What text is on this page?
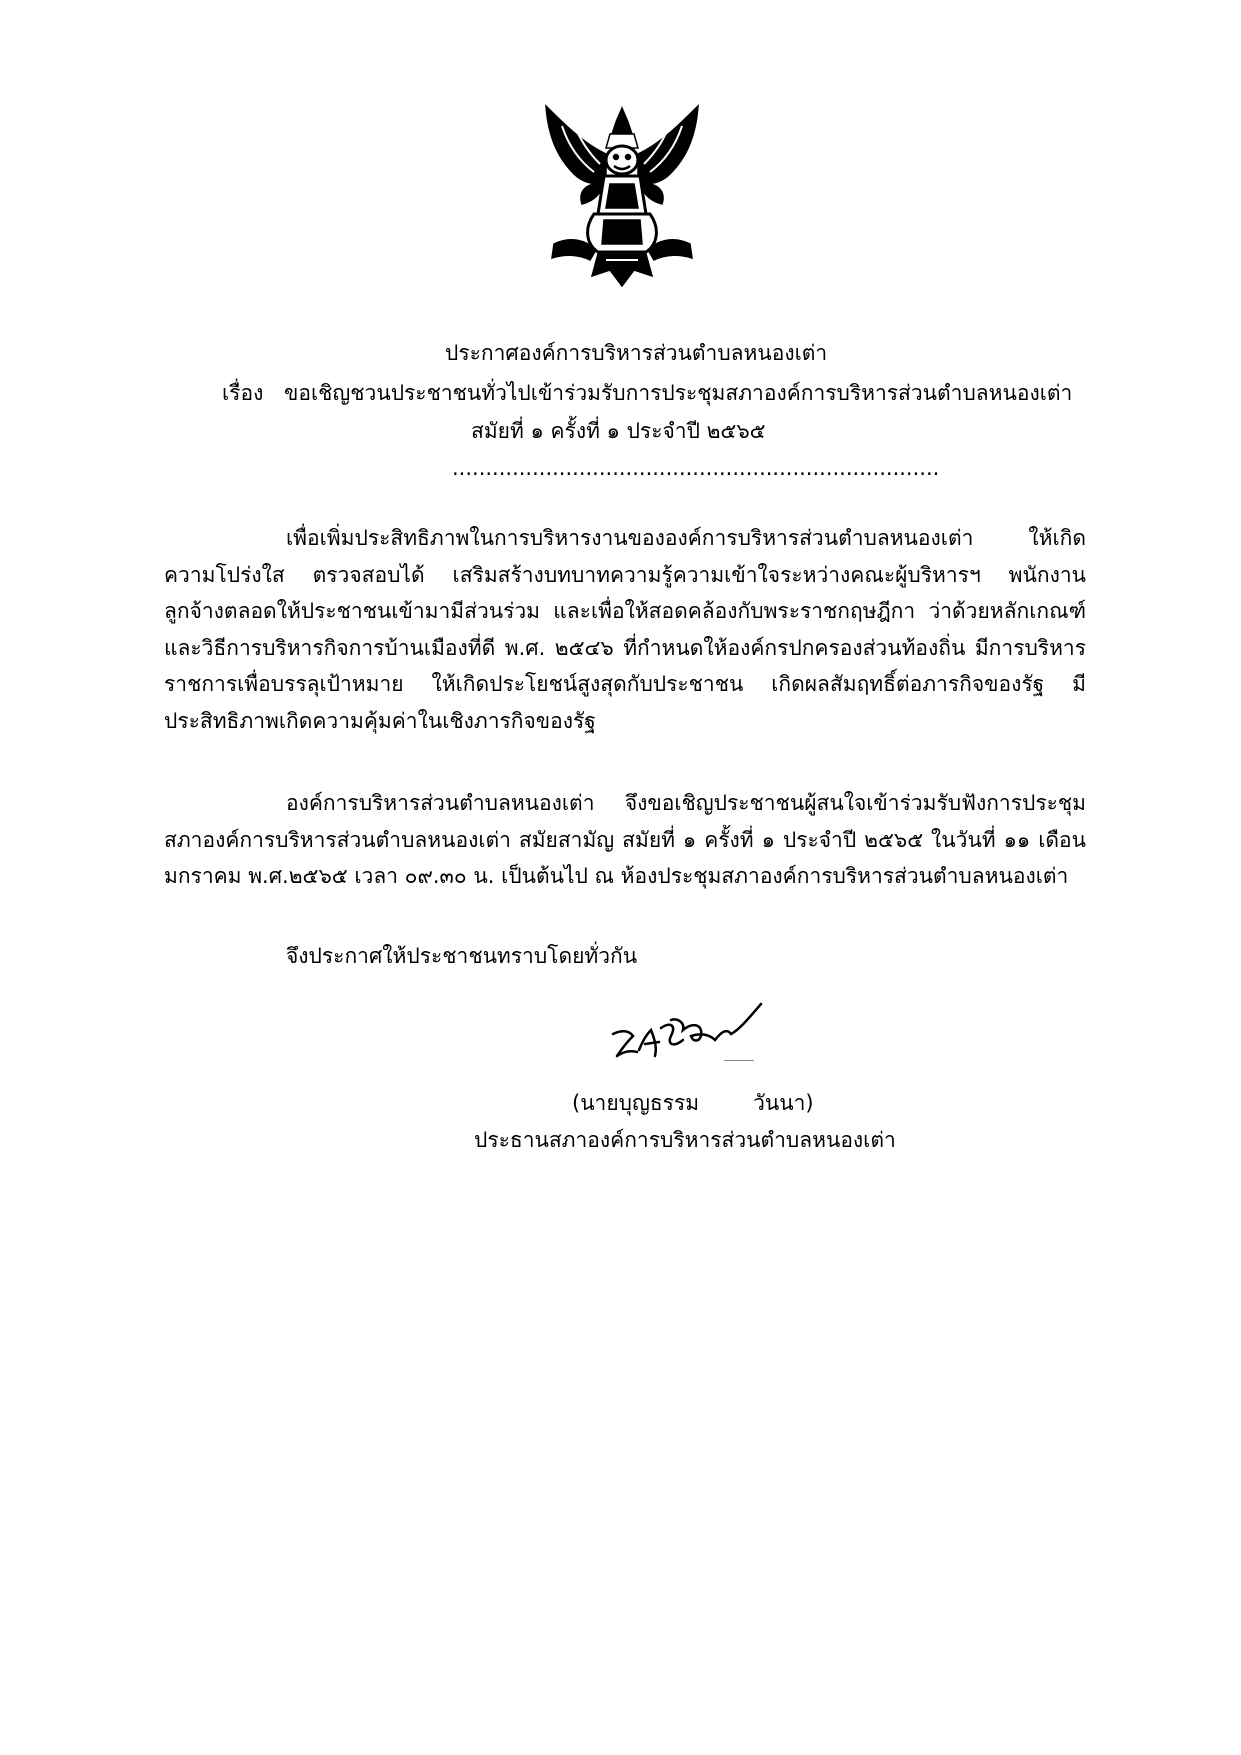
ประกาศองค์การบริหารส่วนตำบลหนองเต่า
เรื่อง ขอเชิญชวนประชาชนทั่วไปเข้าร่วมรับการประชุมสภาองค์การบริหารส่วนตำบลหนองเต่า
สมัยที่ ๑ ครั้งที่ ๑ ประจำปี ๒๕๖๕
.........................................................................

เพื่อเพิ่มประสิทธิภาพในการบริหารงานขององค์การบริหารส่วนตำบลหนองเต่า ให้เกิดความโปร่งใส ตรวจสอบได้ เสริมสร้างบทบาทความรู้ความเข้าใจระหว่างคณะผู้บริหารฯ พนักงาน ลูกจ้างตลอดให้ประชาชนเข้ามามีส่วนร่วม และเพื่อให้สอดคล้องกับพระราชกฤษฎีกา ว่าด้วยหลักเกณฑ์และวิธีการบริหารกิจการบ้านเมืองที่ดี พ.ศ. ๒๕๔๖ ที่กำหนดให้องค์กรปกครองส่วนท้องถิ่น มีการบริหารราชการเพื่อบรรลุเป้าหมาย ให้เกิดประโยชน์สูงสุดกับประชาชน เกิดผลสัมฤทธิ์ต่อภารกิจของรัฐ มีประสิทธิภาพเกิดความคุ้มค่าในเชิงภารกิจของรัฐ

องค์การบริหารส่วนตำบลหนองเต่า จึงขอเชิญประชาชนผู้สนใจเข้าร่วมรับฟังการประชุมสภาองค์การบริหารส่วนตำบลหนองเต่า สมัยสามัญ สมัยที่ ๑ ครั้งที่ ๑ ประจำปี ๒๕๖๕ ในวันที่ ๑๑ เดือนมกราคม พ.ศ.๒๕๖๕ เวลา ๐๙.๓๐ น. เป็นต้นไป ณ ห้องประชุมสภาองค์การบริหารส่วนตำบลหนองเต่า

จึงประกาศให้ประชาชนทราบโดยทั่วกัน

(นายบุญธรรม	วันนา)
ประธานสภาองค์การบริหารส่วนตำบลหนองเต่า
